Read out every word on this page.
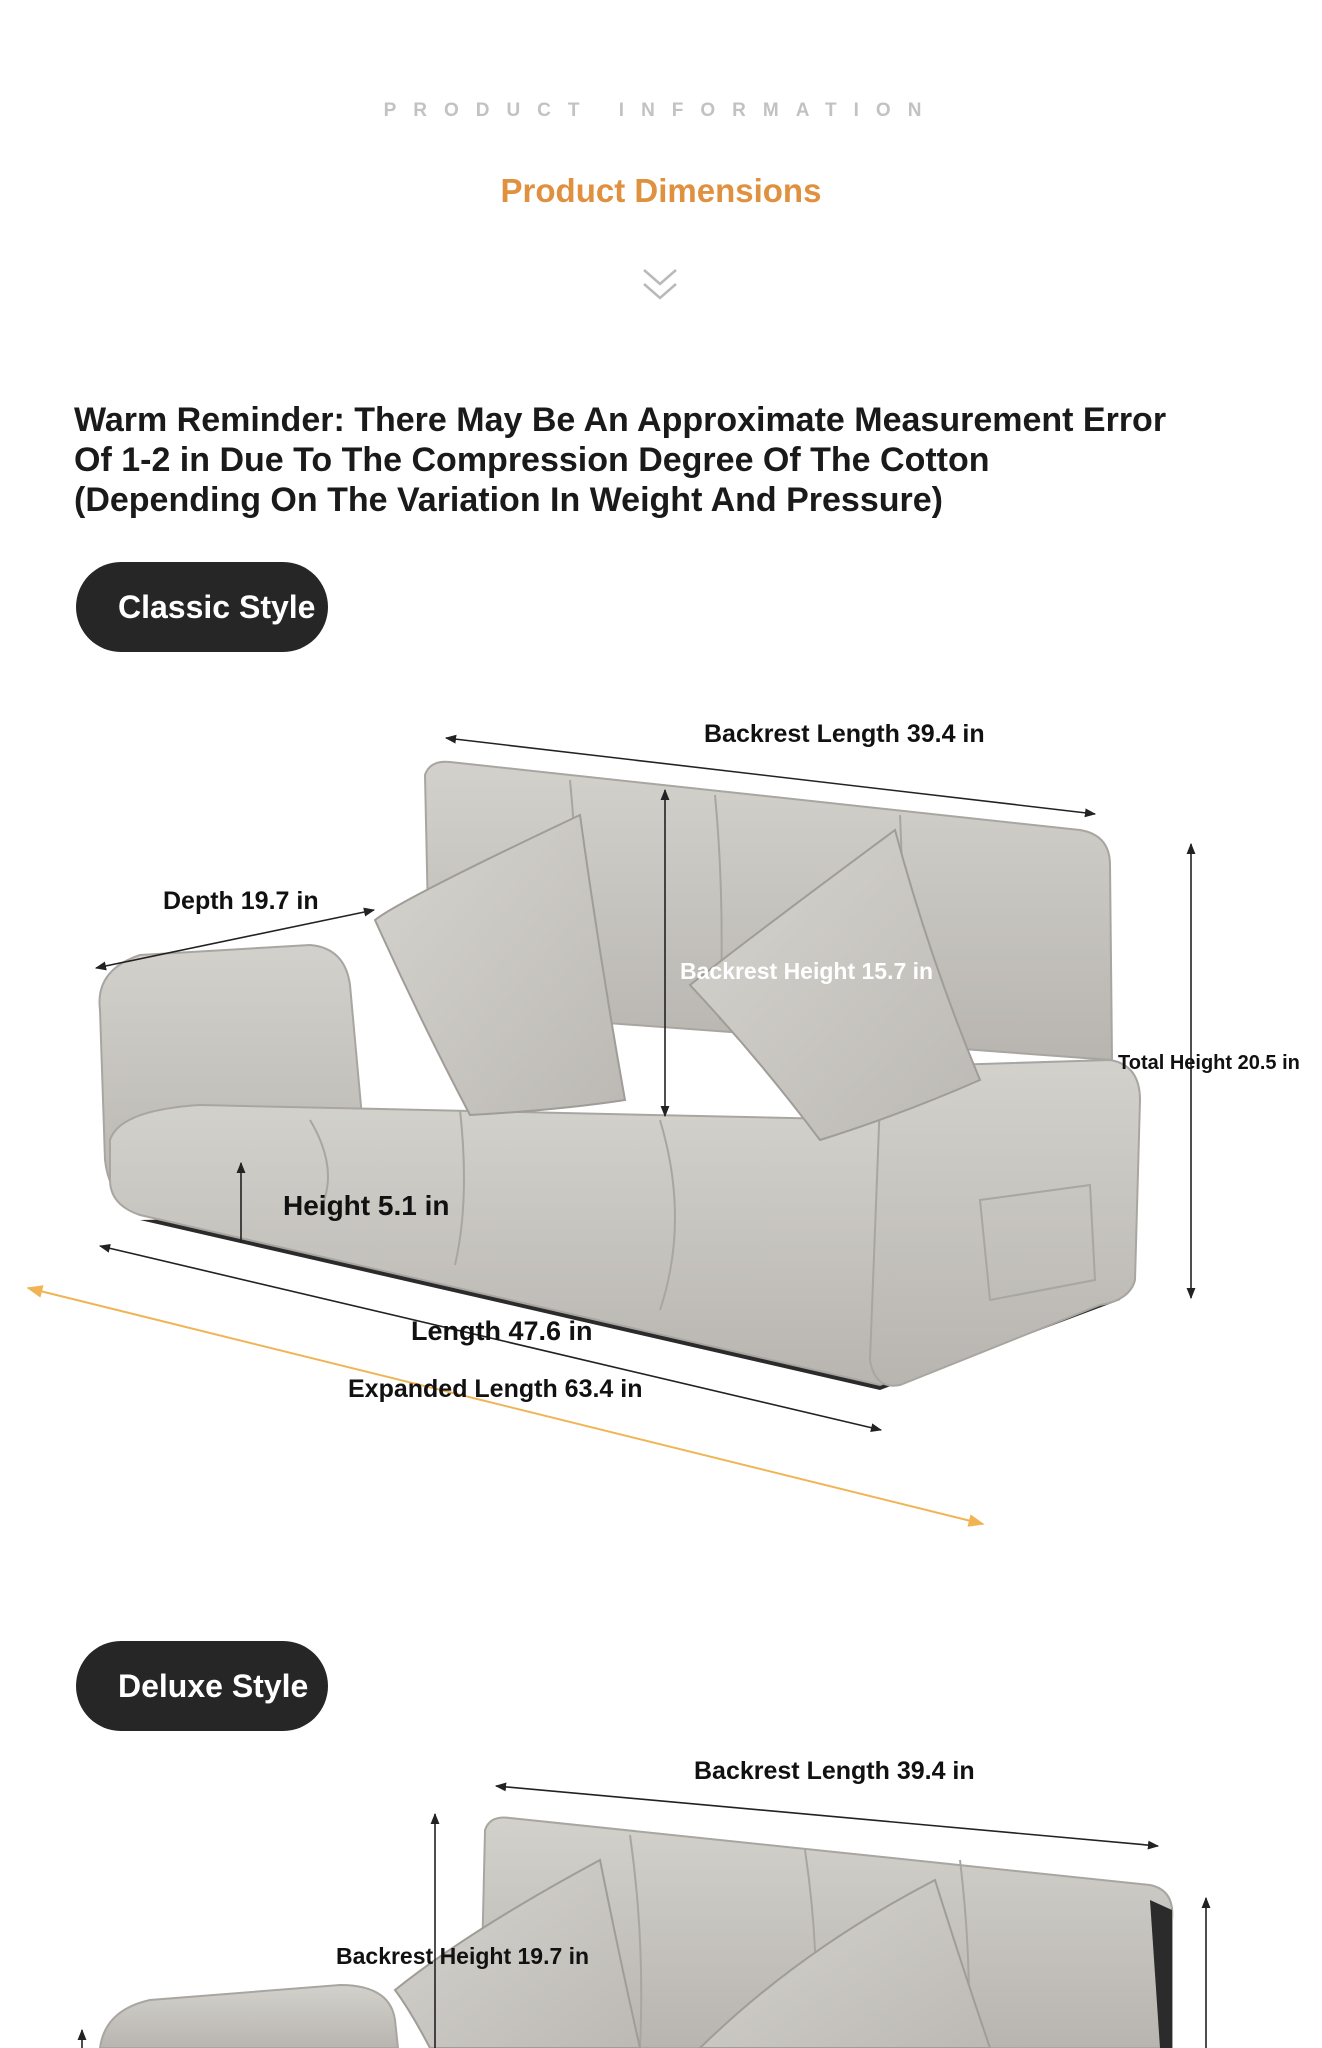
PRODUCT INFORMATION
Product Dimensions
Warm Reminder: There May Be An Approximate Measurement Error Of 1-2 in Due To The Compression Degree Of The Cotton (Depending On The Variation In Weight And Pressure)
Classic Style
Backrest Length 39.4 in
Depth 19.7 in
Backrest Height 15.7 in
Total Height 20.5 in
Height 5.1 in
Length 47.6 in
Expanded Length 63.4 in
Deluxe Style
Backrest Length 39.4 in
Backrest Height 19.7 in
